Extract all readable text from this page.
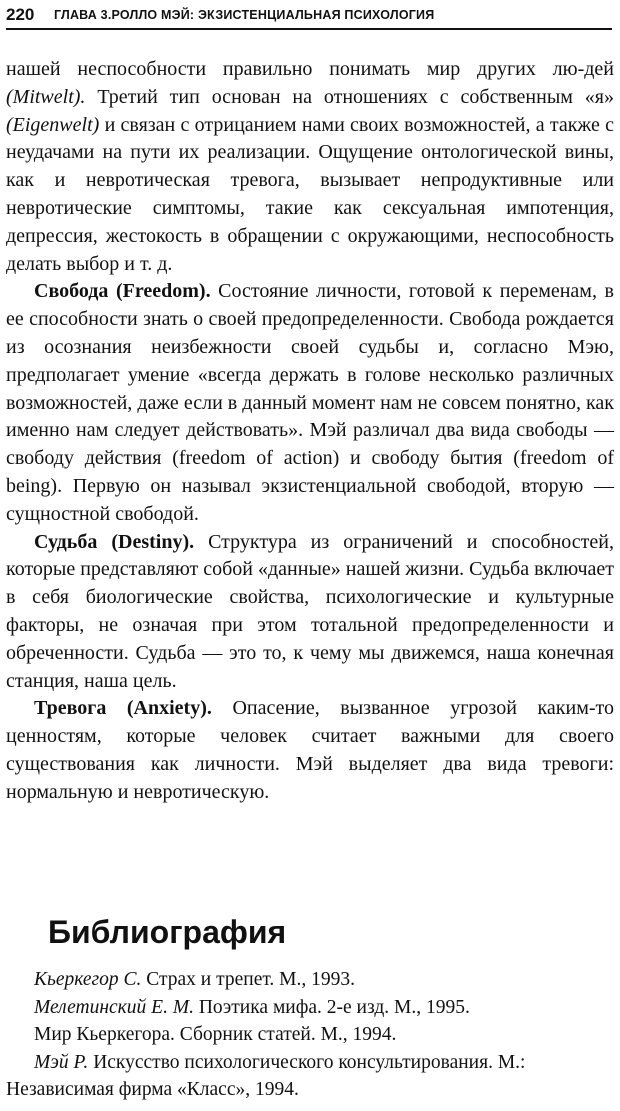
220 ГЛАВА 3.РОЛЛО МЭЙ: ЭКЗИСТЕНЦИАЛЬНАЯ ПСИХОЛОГИЯ

нашей неспособности правильно понимать мир других лю-дей (Mitwelt). Третий тип основан на отношениях с собственным «я» (Eigenwelt) и связан с отрицанием нами своих возможностей, а также с неудачами на пути их реализации. Ощущение онтологической вины, как и невротическая тревога, вызывает непродуктивные или невротические симптомы, такие как сексуальная импотенция, депрессия, жестокость в обращении с окружающими, неспособность делать выбор и т. д.

Свобода (Freedom). Состояние личности, готовой к переменам, в ее способности знать о своей предопределенности. Свобода рождается из осознания неизбежности своей судьбы и, согласно Мэю, предполагает умение «всегда держать в голове несколько различных возможностей, даже если в данный момент нам не совсем понятно, как именно нам следует действовать». Мэй различал два вида свободы — свободу действия (freedom of action) и свободу бытия (freedom of being). Первую он называл экзистенциальной свободой, вторую — сущностной свободой.

Судьба (Destiny). Структура из ограничений и способностей, которые представляют собой «данные» нашей жизни. Судьба включает в себя биологические свойства, психологические и культурные факторы, не означая при этом тотальной предопределенности и обреченности. Судьба — это то, к чему мы движемся, наша конечная станция, наша цель.

Тревога (Anxiety). Опасение, вызванное угрозой каким-то ценностям, которые человек считает важными для своего существования как личности. Мэй выделяет два вида тревоги: нормальную и невротическую.

Библиография

Кьеркегор С. Страх и трепет. М., 1993.

Мелетинский Е. М. Поэтика мифа. 2-е изд. М., 1995.

Мир Кьеркегора. Сборник статей. М., 1994.

Мэй Р. Искусство психологического консультирования. М.: Независимая фирма «Класс», 1994.
